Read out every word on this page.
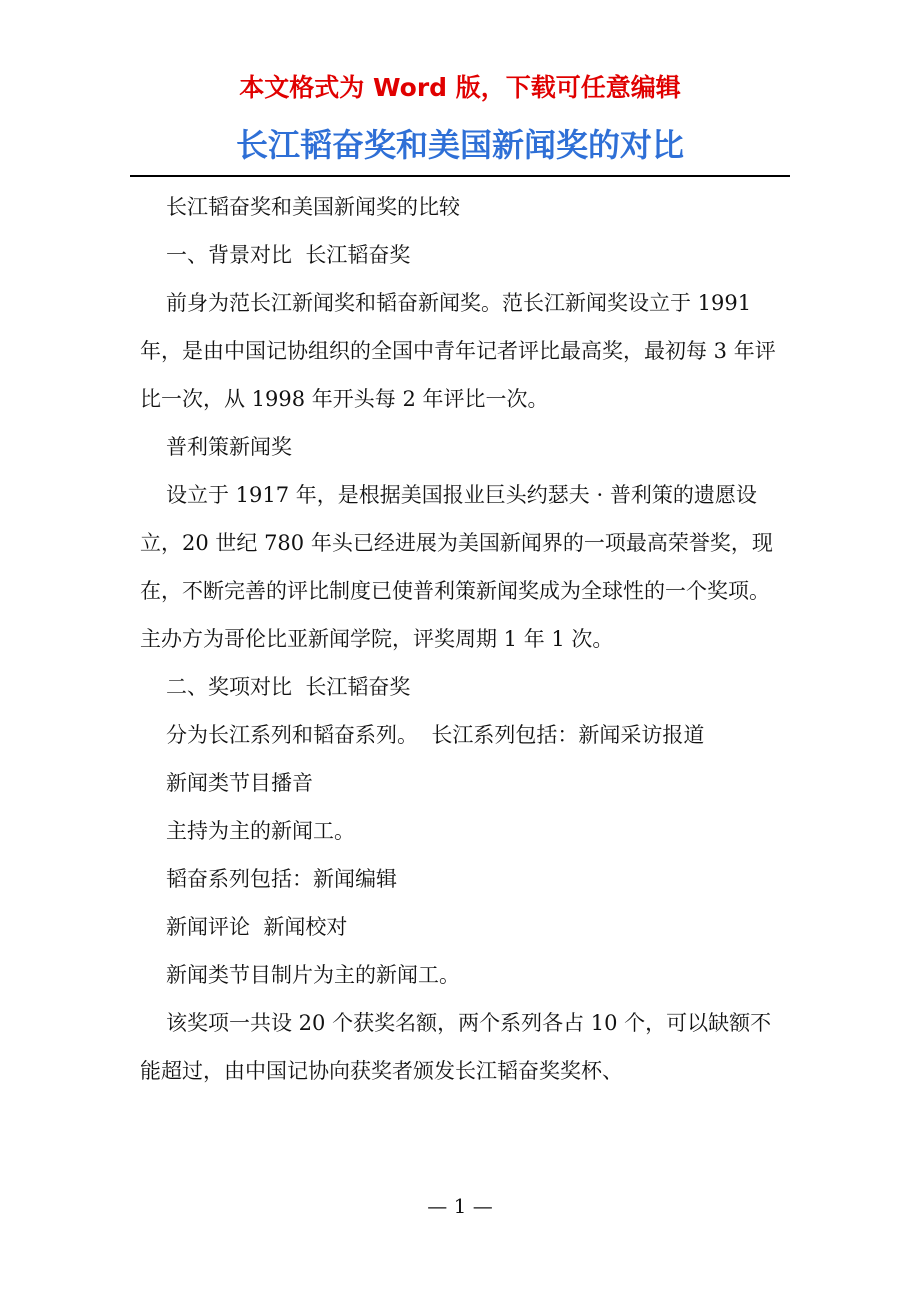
本文格式为 Word 版，下载可任意编辑
长江韬奋奖和美国新闻奖的对比

长江韬奋奖和美国新闻奖的比较

一、背景对比  长江韬奋奖

前身为范长江新闻奖和韬奋新闻奖。范长江新闻奖设立于 1991 年，是由中国记协组织的全国中青年记者评比最高奖，最初每 3 年评比一次，从 1998 年开头每 2 年评比一次。

普利策新闻奖

设立于 1917 年，是根据美国报业巨头约瑟夫 · 普利策的遗愿设立，20 世纪 780 年头已经进展为美国新闻界的一项最高荣誉奖，现在，不断完善的评比制度已使普利策新闻奖成为全球性的一个奖项。主办方为哥伦比亚新闻学院，评奖周期 1 年 1 次。

二、奖项对比  长江韬奋奖

分为长江系列和韬奋系列。  长江系列包括：新闻采访报道

新闻类节目播音

主持为主的新闻工。

韬奋系列包括：新闻编辑

新闻评论  新闻校对

新闻类节目制片为主的新闻工。

该奖项一共设 20 个获奖名额，两个系列各占 10 个，可以缺额不能超过，由中国记协向获奖者颁发长江韬奋奖奖杯、

— 1 —
